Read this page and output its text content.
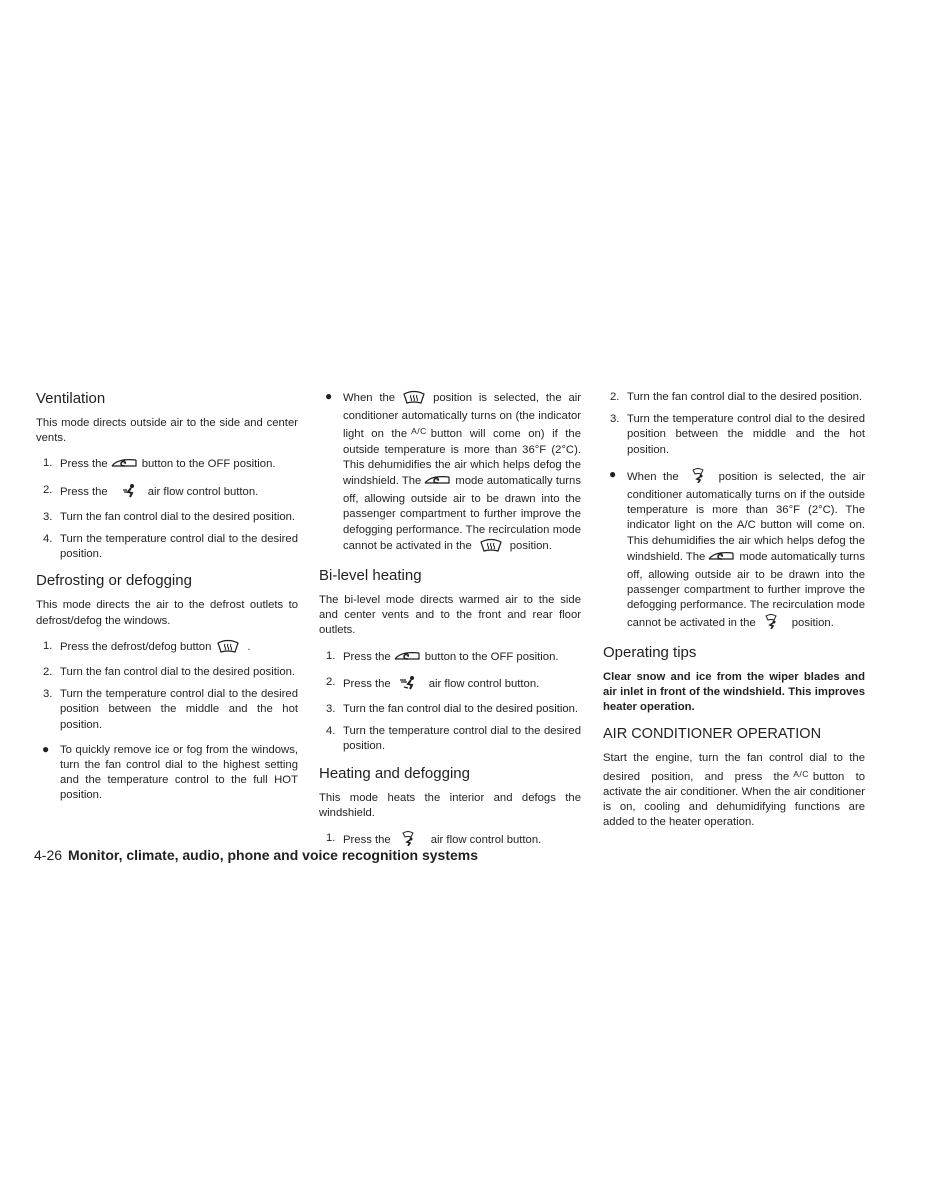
Ventilation

This mode directs outside air to the side and center vents.

1. Press the	button to the OFF position.
2. Press the	air flow control button.
3. Turn the fan control dial to the desired position.
4. Turn the temperature control dial to the desired position.
Defrosting or defogging

This mode directs the air to the defrost outlets to defrost/defog the windows.

1. Press the defrost/defog button	.
2. Turn the fan control dial to the desired position.
3. Turn the temperature control dial to the desired position between the middle and the hot position.
● To quickly remove ice or fog from the windows, turn the fan control dial to the highest setting and the temperature control to the full HOT position.
● When the	position is selected, the air conditioner automatically turns on (the indicator light on the $^{A/C}$ button will come on) if the outside temperature is more than 36°F (2°C). This dehumidifies the air which helps defog the windshield. The	mode automatically turns off, allowing outside air to be drawn into the passenger compartment to further improve the defogging performance. The recirculation mode cannot be activated in the	position.
Bi-level heating

The bi-level mode directs warmed air to the side and center vents and to the front and rear floor outlets.

1. Press the	button to the OFF position.
2. Press the	air flow control button.
3. Turn the fan control dial to the desired position.
4. Turn the temperature control dial to the desired position.
Heating and defogging

This mode heats the interior and defogs the windshield.

1. Press the	air flow control button.
2. Turn the fan control dial to the desired position.
3. Turn the temperature control dial to the desired position between the middle and the hot position.
● When the	position is selected, the air conditioner automatically turns on if the outside temperature is more than 36°F (2°C). The indicator light on the A/C button will come on. This dehumidifies the air which helps defog the windshield. The	mode automatically turns off, allowing outside air to be drawn into the passenger compartment to further improve the defogging performance. The recirculation mode cannot be activated in the	position.
Operating tips

Clear snow and ice from the wiper blades and air inlet in front of the windshield. This improves heater operation.

AIR CONDITIONER OPERATION

Start the engine, turn the fan control dial to the desired position, and press the $^{A/C}$ button to activate the air conditioner. When the air conditioner is on, cooling and dehumidifying functions are added to the heater operation.

4-26 Monitor, climate, audio, phone and voice recognition systems
